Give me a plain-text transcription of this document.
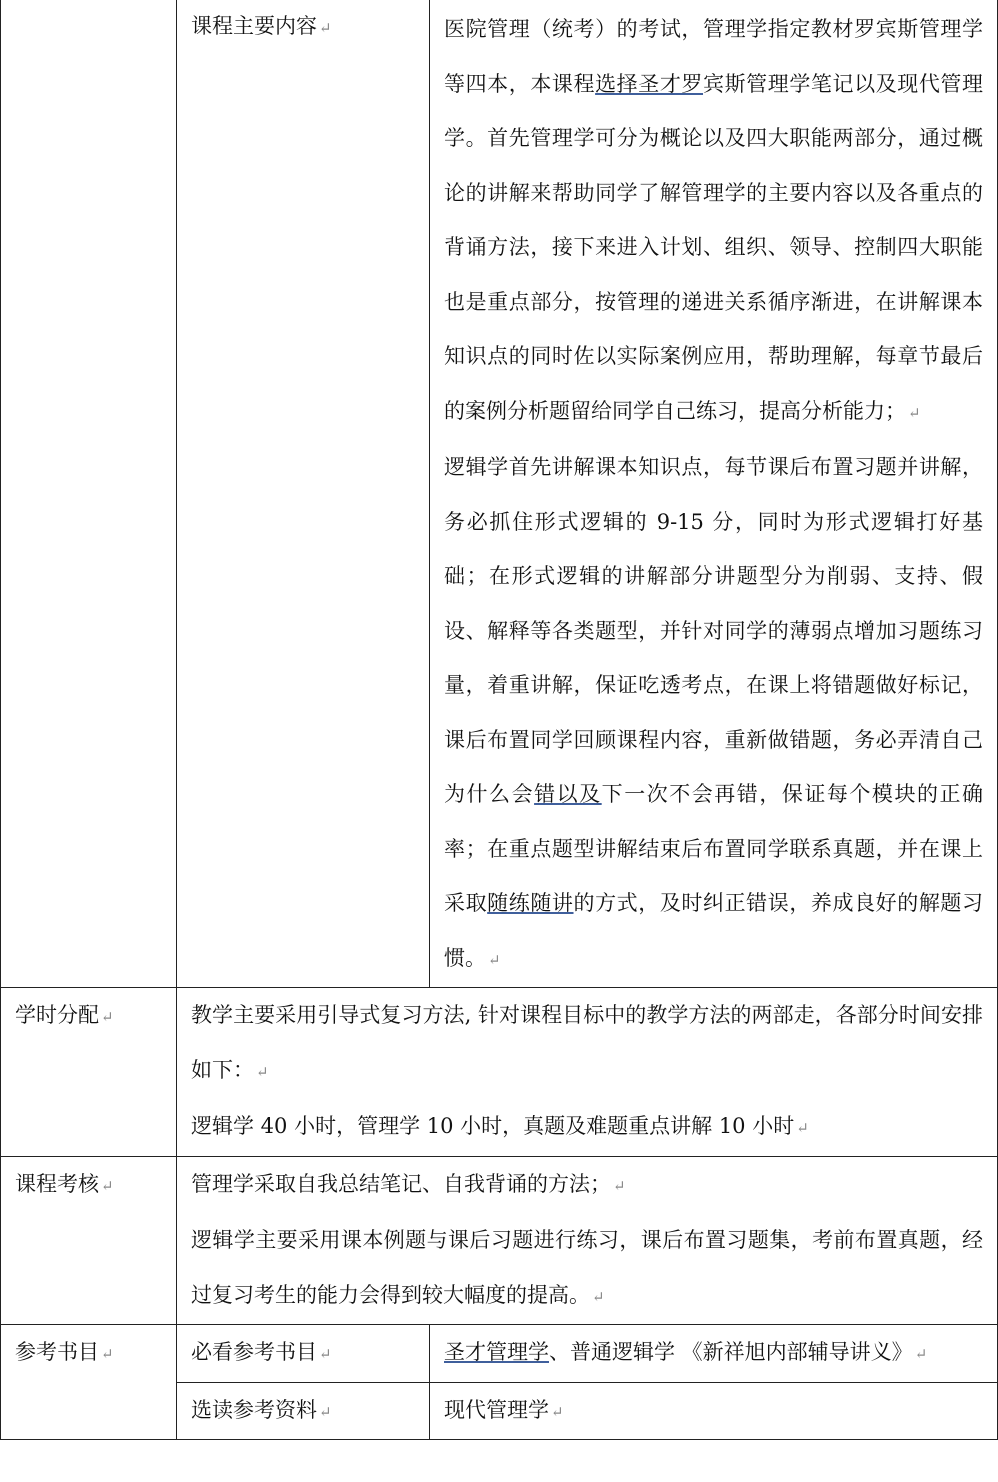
	课程主要内容 ↵	医院管理（统考）的考试，管理学指定教材罗宾斯管理学等四本，本课程选择圣才罗宾斯管理学笔记以及现代管理学。首先管理学可分为概论以及四大职能两部分，通过概论的讲解来帮助同学了解管理学的主要内容以及各重点的背诵方法，接下来进入计划、组织、领导、控制四大职能也是重点部分，按管理的递进关系循序渐进，在讲解课本知识点的同时佐以实际案例应用，帮助理解，每章节最后的案例分析题留给同学自己练习，提高分析能力； ↵
逻辑学首先讲解课本知识点，每节课后布置习题并讲解，务必抓住形式逻辑的 9-15 分，同时为形式逻辑打好基础；在形式逻辑的讲解部分讲题型分为削弱、支持、假设、解释等各类题型，并针对同学的薄弱点增加习题练习量，着重讲解，保证吃透考点，在课上将错题做好标记，课后布置同学回顾课程内容，重新做错题，务必弄清自己为什么会错以及下一次不会再错，保证每个模块的正确率；在重点题型讲解结束后布置同学联系真题，并在课上采取随练随讲的方式，及时纠正错误，养成良好的解题习惯。 ↵

学时分配 ↵	教学主要采用引导式复习方法, 针对课程目标中的教学方法的两部走，各部分时间安排如下： ↵
逻辑学 40 小时，管理学 10 小时，真题及难题重点讲解 10 小时 ↵	

课程考核 ↵	管理学采取自我总结笔记、自我背诵的方法； ↵
逻辑学主要采用课本例题与课后习题进行练习，课后布置习题集，考前布置真题，经过复习考生的能力会得到较大幅度的提高。 ↵	

参考书目 ↵	必看参考书目 ↵	圣才管理学、普通逻辑学 《新祥旭内部辅导讲义》 ↵
	选读参考资料 ↵	现代管理学 ↵
